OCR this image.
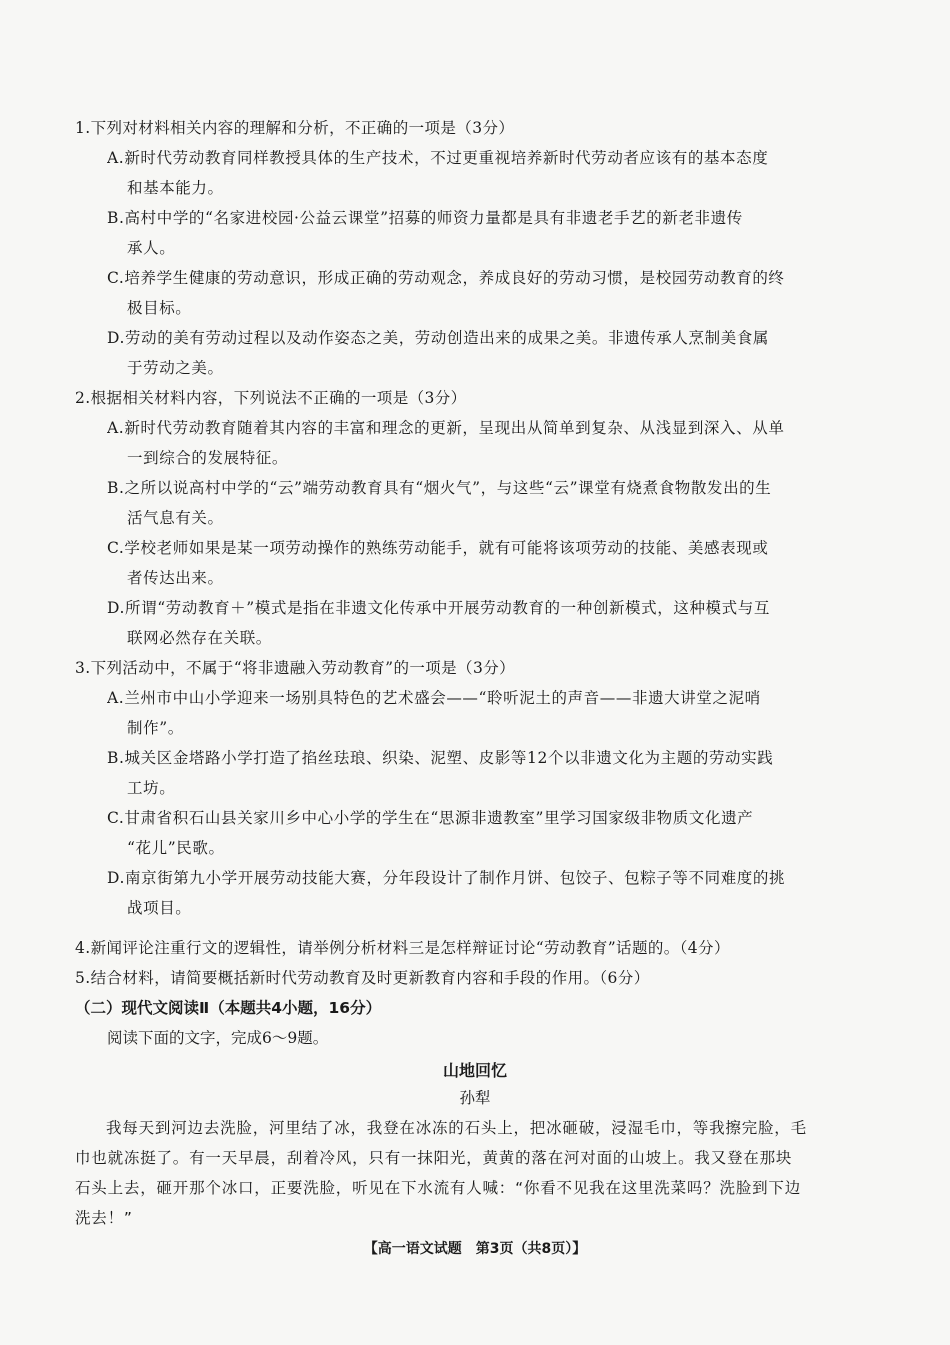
1.下列对材料相关内容的理解和分析，不正确的一项是（3分）
A.新时代劳动教育同样教授具体的生产技术，不过更重视培养新时代劳动者应该有的基本态度
和基本能力。
B.高村中学的“名家进校园·公益云课堂”招募的师资力量都是具有非遗老手艺的新老非遗传
承人。
C.培养学生健康的劳动意识，形成正确的劳动观念，养成良好的劳动习惯，是校园劳动教育的终
极目标。
D.劳动的美有劳动过程以及动作姿态之美，劳动创造出来的成果之美。非遗传承人烹制美食属
于劳动之美。
2.根据相关材料内容，下列说法不正确的一项是（3分）
A.新时代劳动教育随着其内容的丰富和理念的更新，呈现出从简单到复杂、从浅显到深入、从单
一到综合的发展特征。
B.之所以说高村中学的“云”端劳动教育具有“烟火气”，与这些“云”课堂有烧煮食物散发出的生
活气息有关。
C.学校老师如果是某一项劳动操作的熟练劳动能手，就有可能将该项劳动的技能、美感表现或
者传达出来。
D.所谓“劳动教育＋”模式是指在非遗文化传承中开展劳动教育的一种创新模式，这种模式与互
联网必然存在关联。
3.下列活动中，不属于“将非遗融入劳动教育”的一项是（3分）
A.兰州市中山小学迎来一场别具特色的艺术盛会——“聆听泥土的声音——非遗大讲堂之泥哨
制作”。
B.城关区金塔路小学打造了掐丝珐琅、织染、泥塑、皮影等12个以非遗文化为主题的劳动实践
工坊。
C.甘肃省积石山县关家川乡中心小学的学生在“思源非遗教室”里学习国家级非物质文化遗产
“花儿”民歌。
D.南京街第九小学开展劳动技能大赛，分年段设计了制作月饼、包饺子、包粽子等不同难度的挑
战项目。
4.新闻评论注重行文的逻辑性，请举例分析材料三是怎样辩证讨论“劳动教育”话题的。（4分）
5.结合材料，请简要概括新时代劳动教育及时更新教育内容和手段的作用。（6分）
（二）现代文阅读Ⅱ（本题共4小题，16分）
阅读下面的文字，完成6～9题。
山地回忆
孙犁
我每天到河边去洗脸，河里结了冰，我登在冰冻的石头上，把冰砸破，浸湿毛巾，等我擦完脸，毛
巾也就冻挺了。有一天早晨，刮着冷风，只有一抹阳光，黄黄的落在河对面的山坡上。我又登在那块
石头上去，砸开那个冰口，正要洗脸，听见在下水流有人喊：“你看不见我在这里洗菜吗？洗脸到下边
洗去！”
【高一语文试题　第3页（共8页）】
